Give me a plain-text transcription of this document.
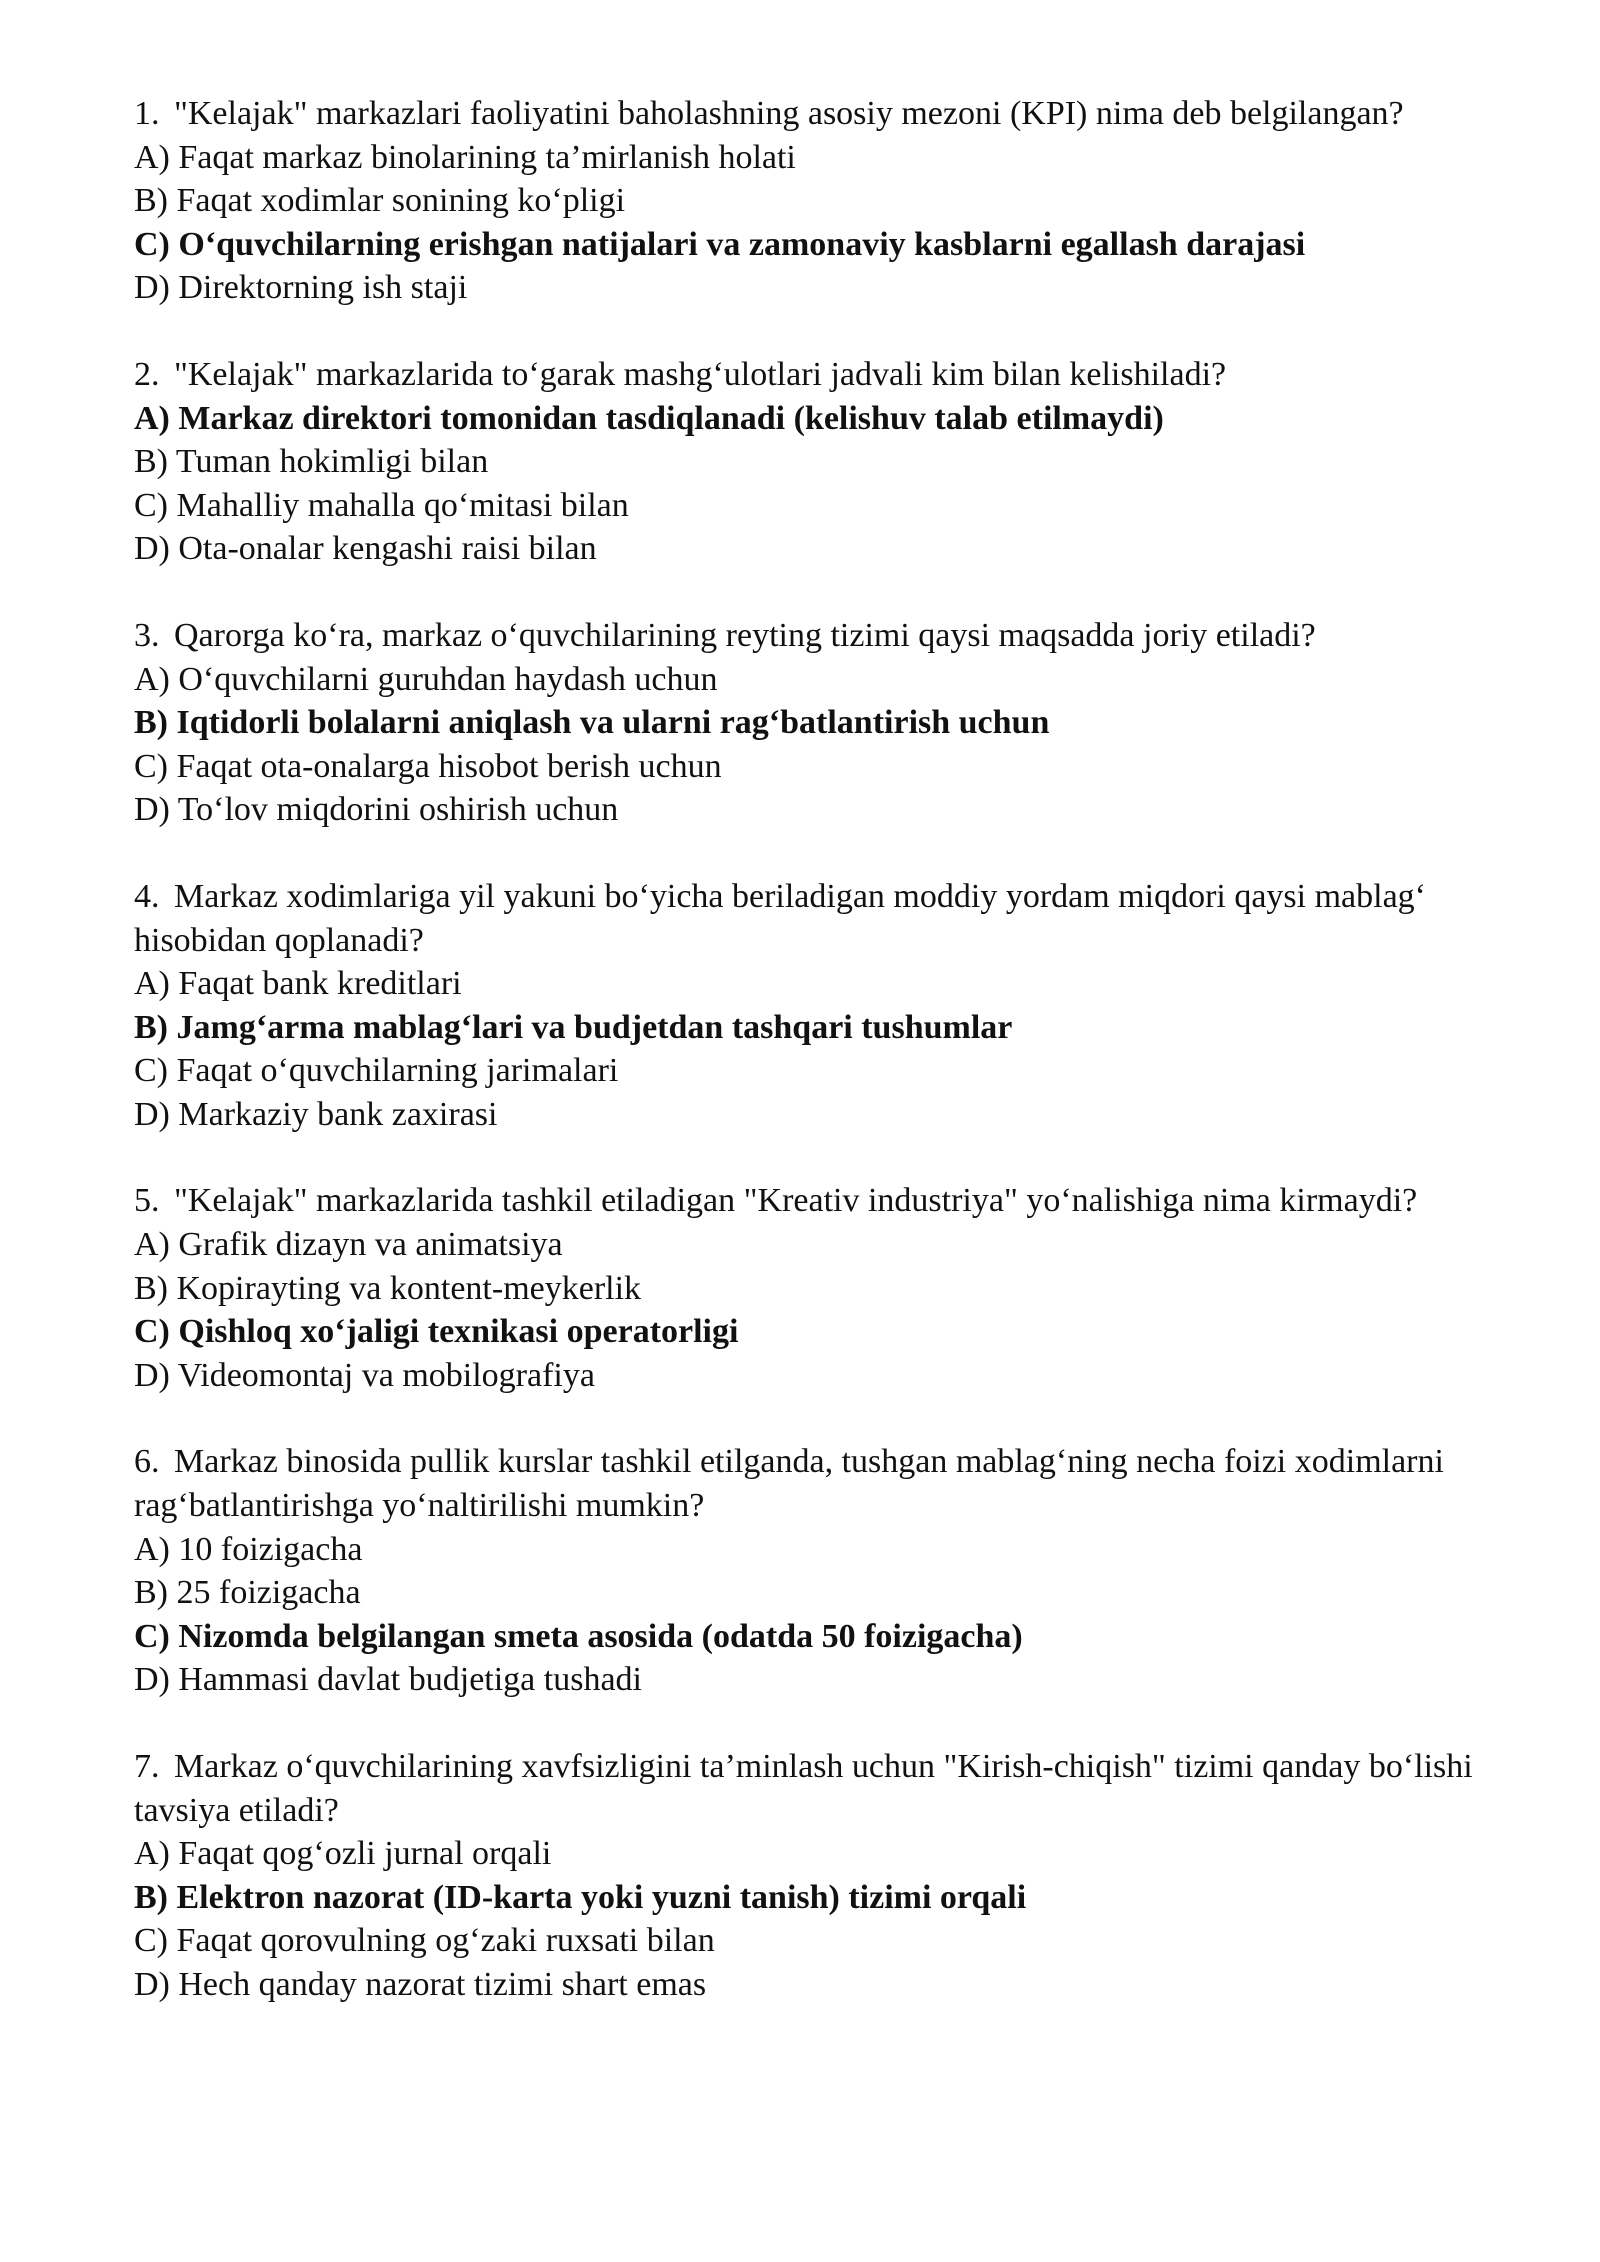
1. "Kelajak" markazlari faoliyatini baholashning asosiy mezoni (KPI) nima deb belgilangan?
A) Faqat markaz binolarining ta’mirlanish holati
B) Faqat xodimlar sonining ko‘pligi
C) O‘quvchilarning erishgan natijalari va zamonaviy kasblarni egallash darajasi
D) Direktorning ish staji
2. "Kelajak" markazlarida to‘garak mashg‘ulotlari jadvali kim bilan kelishiladi?
A) Markaz direktori tomonidan tasdiqlanadi (kelishuv talab etilmaydi)
B) Tuman hokimligi bilan
C) Mahalliy mahalla qo‘mitasi bilan
D) Ota-onalar kengashi raisi bilan
3. Qarorga ko‘ra, markaz o‘quvchilarining reyting tizimi qaysi maqsadda joriy etiladi?
A) O‘quvchilarni guruhdan haydash uchun
B) Iqtidorli bolalarni aniqlash va ularni rag‘batlantirish uchun
C) Faqat ota-onalarga hisobot berish uchun
D) To‘lov miqdorini oshirish uchun
4. Markaz xodimlariga yil yakuni bo‘yicha beriladigan moddiy yordam miqdori qaysi mablag‘ hisobidan qoplanadi?
A) Faqat bank kreditlari
B) Jamg‘arma mablag‘lari va budjetdan tashqari tushumlar
C) Faqat o‘quvchilarning jarimalari
D) Markaziy bank zaxirasi
5. "Kelajak" markazlarida tashkil etiladigan "Kreativ industriya" yo‘nalishiga nima kirmaydi?
A) Grafik dizayn va animatsiya
B) Kopirayting va kontent-meykerlik
C) Qishloq xo‘jaligi texnikasi operatorligi
D) Videomontaj va mobilografiya
6. Markaz binosida pullik kurslar tashkil etilganda, tushgan mablag‘ning necha foizi xodimlarni rag‘batlantirishga yo‘naltirilishi mumkin?
A) 10 foizigacha
B) 25 foizigacha
C) Nizomda belgilangan smeta asosida (odatda 50 foizigacha)
D) Hammasi davlat budjetiga tushadi
7. Markaz o‘quvchilarining xavfsizligini ta’minlash uchun "Kirish-chiqish" tizimi qanday bo‘lishi tavsiya etiladi?
A) Faqat qog‘ozli jurnal orqali
B) Elektron nazorat (ID-karta yoki yuzni tanish) tizimi orqali
C) Faqat qorovulning og‘zaki ruxsati bilan
D) Hech qanday nazorat tizimi shart emas
